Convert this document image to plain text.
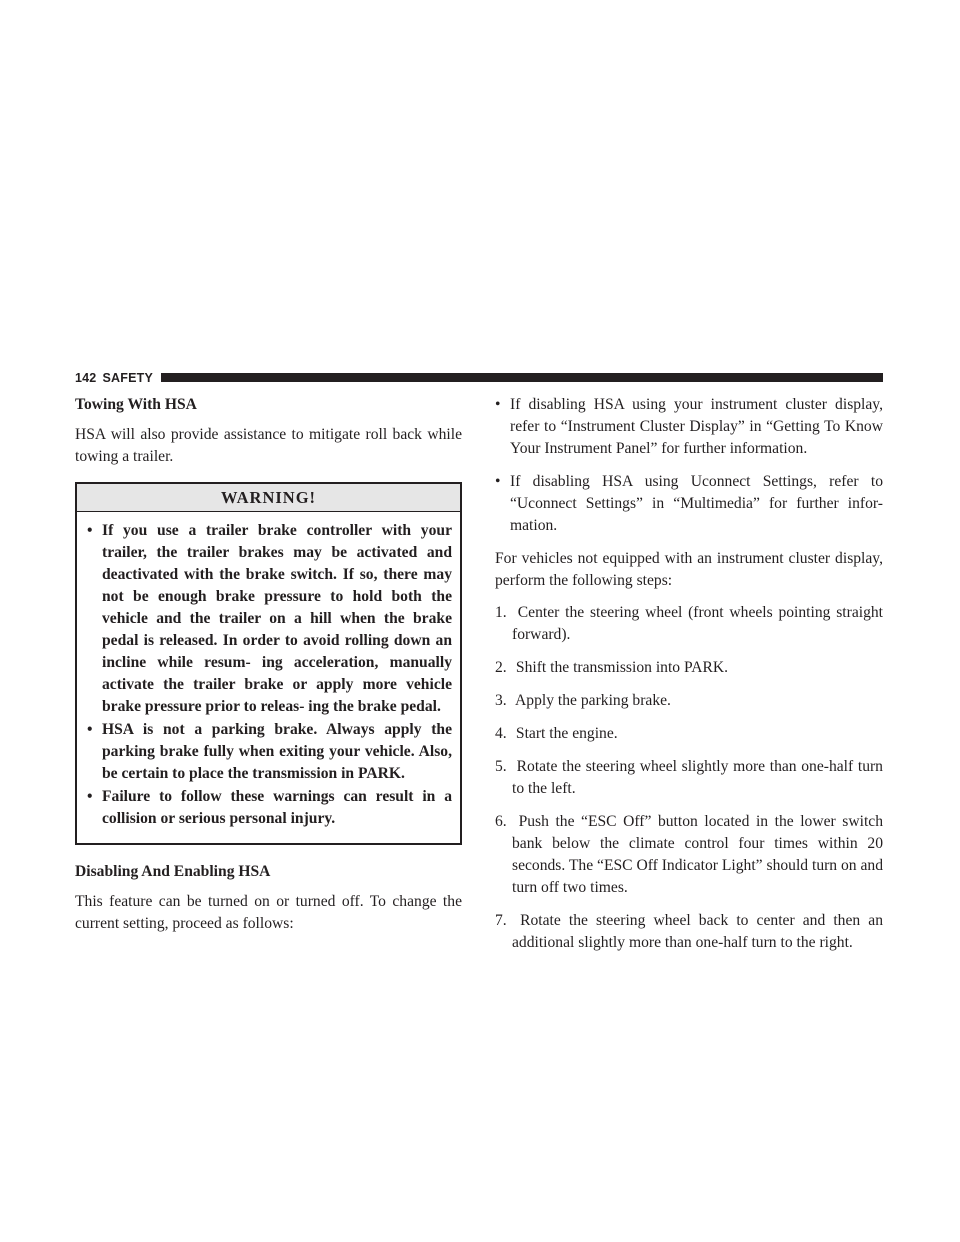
142 SAFETY

Towing With HSA

HSA will also provide assistance to mitigate roll back while towing a trailer.

WARNING!
• If you use a trailer brake controller with your trailer, the trailer brakes may be activated and deactivated with the brake switch. If so, there may not be enough brake pressure to hold both the vehicle and the trailer on a hill when the brake pedal is released. In order to avoid rolling down an incline while resum- ing acceleration, manually activate the trailer brake or apply more vehicle brake pressure prior to releas- ing the brake pedal.
• HSA is not a parking brake. Always apply the parking brake fully when exiting your vehicle. Also, be certain to place the transmission in PARK.
• Failure to follow these warnings can result in a collision or serious personal injury.

Disabling And Enabling HSA

This feature can be turned on or turned off. To change the current setting, proceed as follows:

• If disabling HSA using your instrument cluster display, refer to “Instrument Cluster Display” in “Getting To Know Your Instrument Panel” for further information.
• If disabling HSA using Uconnect Settings, refer to “Uconnect Settings” in “Multimedia” for further infor- mation.

For vehicles not equipped with an instrument cluster display, perform the following steps:

1. Center the steering wheel (front wheels pointing straight forward).
2. Shift the transmission into PARK.
3. Apply the parking brake.
4. Start the engine.
5. Rotate the steering wheel slightly more than one-half turn to the left.
6. Push the “ESC Off” button located in the lower switch bank below the climate control four times within 20 seconds. The “ESC Off Indicator Light” should turn on and turn off two times.
7. Rotate the steering wheel back to center and then an additional slightly more than one-half turn to the right.
